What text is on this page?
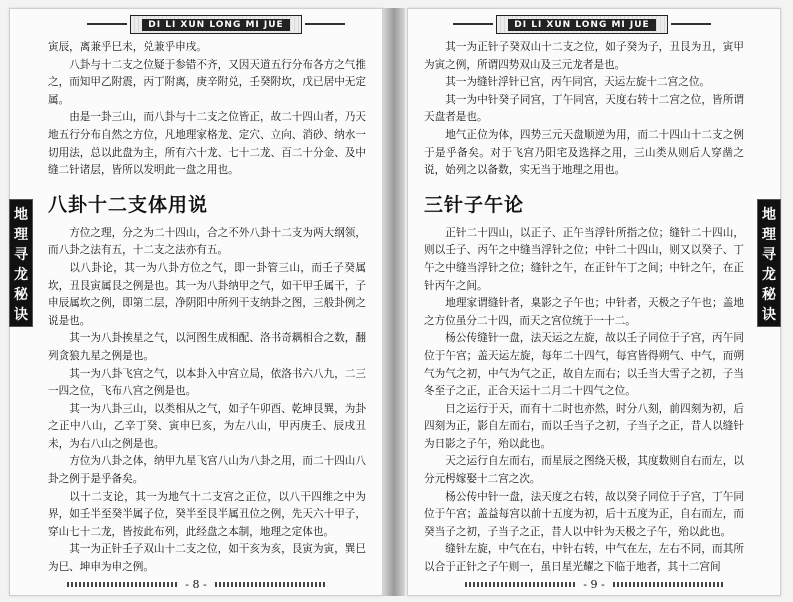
DI LI XUN LONG MI JUE
地
理
寻
龙
秘
诀

寅辰，离兼乎巳未，兑兼乎申戌。

八卦与十二支之位疑于参错不齐，又因天道五行分布各方之气推之，而知甲乙附震，丙丁附离，庚辛附兑，壬癸附坎，戊已居中无定属。

由是一卦三山，而八卦与十二支之位皆正，故二十四山者，乃天地五行分布自然之方位，凡地理家格龙、定穴、立向、消砂、纳水一切用法，总以此盘为主，所有六十龙、七十二龙、百二十分金、及中缝二针诸层，皆所以发明此一盘之用也。

八卦十二支体用说

方位之理，分之为二十四山，合之不外八卦十二支为两大纲领，而八卦之法有五，十二支之法亦有五。

以八卦论，其一为八卦方位之气，即一卦管三山，而壬子癸属坎，丑艮寅属艮之例是也。其一为八卦纳甲之气，如干甲壬属干，子申辰属坎之例，即第二层，净阴阳中所列干支纳卦之图，三般卦例之说是也。

其一为八卦挨星之气，以河图生成相配、洛书奇耦相合之数，翻列贪狼九星之例是也。

其一为八卦飞宫之气，以本卦入中宫立局，依洛书六八九，二三一四之位，飞布八宫之例是也。

其一为八卦三山，以类相从之气，如子午卯酉、乾坤艮巽，为卦之正中八山，乙辛丁癸、寅申巳亥，为左八山，甲丙庚壬、辰戌丑未，为右八山之例是也。

方位为八卦之体，纳甲九星飞宫八山为八卦之用，而二十四山八卦之例于是乎备矣。

以十二支论，其一为地气十二支宫之正位，以八干四维之中为界，如壬半至癸半属子位，癸半至艮半属丑位之例，先天六十甲子，穿山七十二龙，皆按此布列，此经盘之本制，地理之定体也。

其一为正针壬子双山十二支之位，如干亥为亥，艮寅为寅，巽巳为巳、坤申为申之例。

- 8 -
DI LI XUN LONG MI JUE
地
理
寻
龙
秘
诀

其一为正针子癸双山十二支之位，如子癸为子，丑艮为丑，寅甲为寅之例，所谓四势双山及三元龙者是也。

其一为缝针浮针已宫，丙午同宫，天运左旋十二宫之位。

其一为中针癸子同宫，丁午同宫，天度右转十二宫之位，皆所谓天盘者是也。

地气正位为体，四势三元天盘顺逆为用，而二十四山十二支之例于是乎备矣。对于飞宫乃阳宅及选择之用，三山类从则后人穿凿之说，始列之以备数，实无当于地理之用也。

三针子午论

正针二十四山，以正子、正午当浮针所指之位；缝针二十四山，则以壬子、丙午之中缝当浮针之位；中针二十四山，则又以癸子、丁午之中缝当浮针之位；缝针之午，在正针午丁之间；中针之午，在正针丙午之间。

地理家谓缝针者，臬影之子午也；中针者，天极之子午也；盖地之方位虽分二十四，而天之宫位统于一十二。

杨公传缝针一盘，法天运之左旋，故以壬子同位于子宫，丙午同位于午宫；盖天运左旋，每年二十四气，每宫皆得朔气、中气，而朔气为气之初，中气为气之正，故自左而右；以壬当大雪子之初，子当冬至子之正，正合天运十二月二十四气之位。

日之运行于天，而有十二时也亦然，时分八刻，前四刻为初，后四刻为正，影自左而右，而以壬当子之初，子当子之正，昔人以缝针为日影之子午，殆以此也。

天之运行自左而右，而星辰之图绕天极，其度数则自右而左，以分元枵嫁娶十二宫之次。

杨公传中针一盘，法天度之右转，故以癸子同位于子宫，丁午同位于午宫；盖益每宫以前十五度为初，后十五度为正，自右而左，而癸当子之初，子当子之正，昔人以中针为天极之子午，殆以此也。

缝针左旋，中气在右，中针右转，中气在左，左右不同，而其所以合于正针之子午则一，虽日星光耀之下临于地者，其十二宫间

- 9 -
